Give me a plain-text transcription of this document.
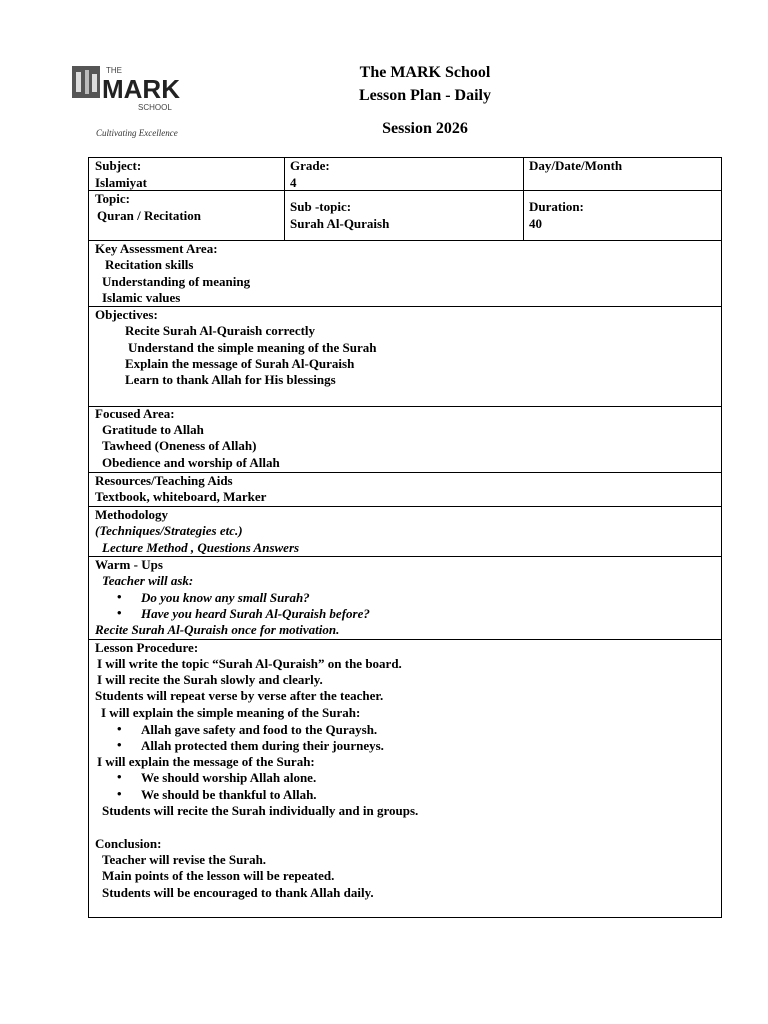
THE
MARK
SCHOOL
Cultivating Excellence
The MARK School
Lesson Plan - Daily
Session 2026
Subject:
Islamiyat
Grade:
4
Day/Date/Month
Topic:
Quran / Recitation
Sub -topic:
Surah Al-Quraish
Duration:
40
Key Assessment Area:
Recitation skills
Understanding of meaning
Islamic values
Objectives:
Recite Surah Al-Quraish correctly
Understand the simple meaning of the Surah
Explain the message of Surah Al-Quraish
Learn to thank Allah for His blessings
Focused Area:
Gratitude to Allah
Tawheed (Oneness of Allah)
Obedience and worship of Allah
Resources/Teaching Aids
Textbook, whiteboard, Marker
Methodology
(Techniques/Strategies etc.)
Lecture Method , Questions Answers
Warm - Ups
Teacher will ask:
• Do you know any small Surah?
• Have you heard Surah Al-Quraish before?
Recite Surah Al-Quraish once for motivation.
Lesson Procedure:
I will write the topic “Surah Al-Quraish” on the board.
I will recite the Surah slowly and clearly.
Students will repeat verse by verse after the teacher.
I will explain the simple meaning of the Surah:
• Allah gave safety and food to the Quraysh.
• Allah protected them during their journeys.
I will explain the message of the Surah:
• We should worship Allah alone.
• We should be thankful to Allah.
Students will recite the Surah individually and in groups.
Conclusion:
Teacher will revise the Surah.
Main points of the lesson will be repeated.
Students will be encouraged to thank Allah daily.
